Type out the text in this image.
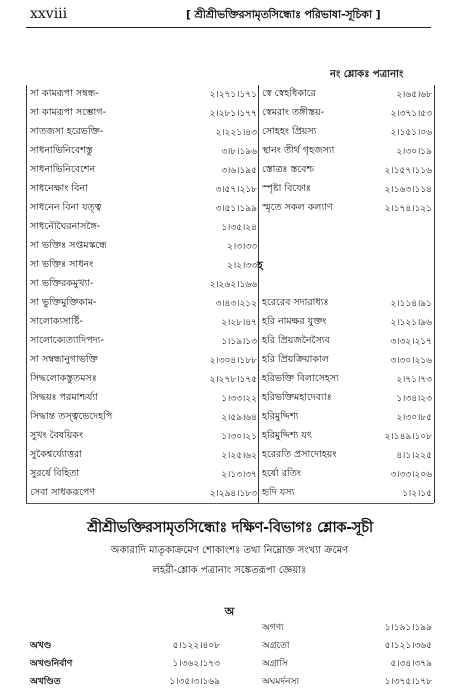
xxviii	[ শ্রীশ্রীভক্তিরসামৃতসিন্ধোঃ পরিভাষা-সূচিকা ]
নং শ্লোকঃ পত্রানাং
সা কামরূপা সম্বন্ধ-	২।২৭১।১৭১ স্বে স্বেহধিকারে	২।৬৫।৬৮
সা কামরূপা সম্ভোগ-	২।২৮১।১৭৭ স্বেমরাং তঙ্গীস্তয়-	২।৩৭১।৫৩
সাতজসা হরেভক্তি-	২।২২১।৪৩ সোহহং প্রিয়স্য	২।১৫১।০৬
সাধনাভিনিবেশস্তু	৩।৮।১৯৬ স্থানং তীর্থ গৃহজস্যা	২।৩০।১৯
সাধনাভিনিবেশেন	৩।৬।১৯৫ স্তোত্রঃ স্তবেশ্চ	২।১৫৭।১১৬
সাধনেক্ষাং বিনা	৩।৫৭।২১৮ স্পৃষ্টা বিফোঃ	২।১৬৩।১১৪
সাধনেন বিনা যত্ত্ব	৩।৫১।১৯৯ স্মৃতে সকল কল্যাণ	২।১৭৪।১২১
সাধনৌঘৈরনাসঙ্গৈ-	১।৩৫।২৪
সা ভক্তিঃ সপ্তমস্কন্ধে	২।৩।৩৩
সা ভক্তিঃ সাধনং	২।২।৩৩ হ
সা ভক্তিরকমুখ্যা-	২।২৬২।১৬৬
সা ভুক্তিমুক্তিকাম-	৩।৪৩।২১২ হরেরেব সদারাধ্যঃ	২।১১৪।৯১
সালোক্যসার্ষ্টি-	২।২৮।৪৭ হরি নামক্ষর যুক্তং	২।১২১।৯৬
সালোক্যেত্যাদিপদ্য-	১।১৯।১৩ হরি প্রিয়জনৈস্যৈব	৩।৩২।২১৭
সা সম্বন্ধানুগাভক্তি	২।৩০৪।১৮৮ হরি প্রিয়ক্রিয়াকাল	৩।৩০।২১৬
সিদ্ধলোকস্তুতমসঃ	২।২৭৮।১৭৫ হরিভক্তি বিলাসেহস্য	২।৭১।৭৩
সিদ্ধয়ঃ পরমাশ্চর্য্যা	১।৩৩।২২ হরিভক্তিমহাদেব্যাঃ	১।৩৪।২৩
সিদ্ধান্ত তস্ত্বভেদেহপি	২।৫৯।৬৪ হরিমুদ্দিশ্য	২।৩০।৮৫
সুখং বৈষয়িকং	১।৩০।২১ হরিমুদ্দিশ্য যৎ	২।১৪৯।১০৮
সুকৈশ্বর্য্যোত্তরা	২।২৫।৬২ হরেরতি প্রসাদোহয়ং	৪।১।২২৫
সুরর্ষে বিহিতা	২।১৩।৩৭ হর্ষো রতিং	৩।৩৩।২০৬
সেবা সাধকরূপেণ	২।২৯৪।১৮৩ হৃদি যস্য	১।২।১৫
শ্রীশ্রীভক্তিরসামৃতসিন্ধোঃ দক্ষিণ-বিভাগঃ শ্লোক-সূচী
অকারাদি মাতৃকাক্রমেণ শোকাংশঃ তথা নিম্নোক্ত সংখ্যা ক্রমেণ
লহরী-শ্লোক পত্রানাং সঙ্কেতরূপা জ্ঞেয়াঃ
অ
অগণ্য	১।১৯১।১৯৯
অখণ্ড	৫।১২২।৪০৮	অগ্রতো	৫।১২১।৩৬৫
অখণ্ডনির্বাণ	১।৩৬২।১৭৩	অগ্রাসি	৫।৩৪।৩৭৯
অখণ্ডিত	১।৩৫।৩।১৬৯	অঘমর্দনস্য	১।৩৭৫।১৭৮
